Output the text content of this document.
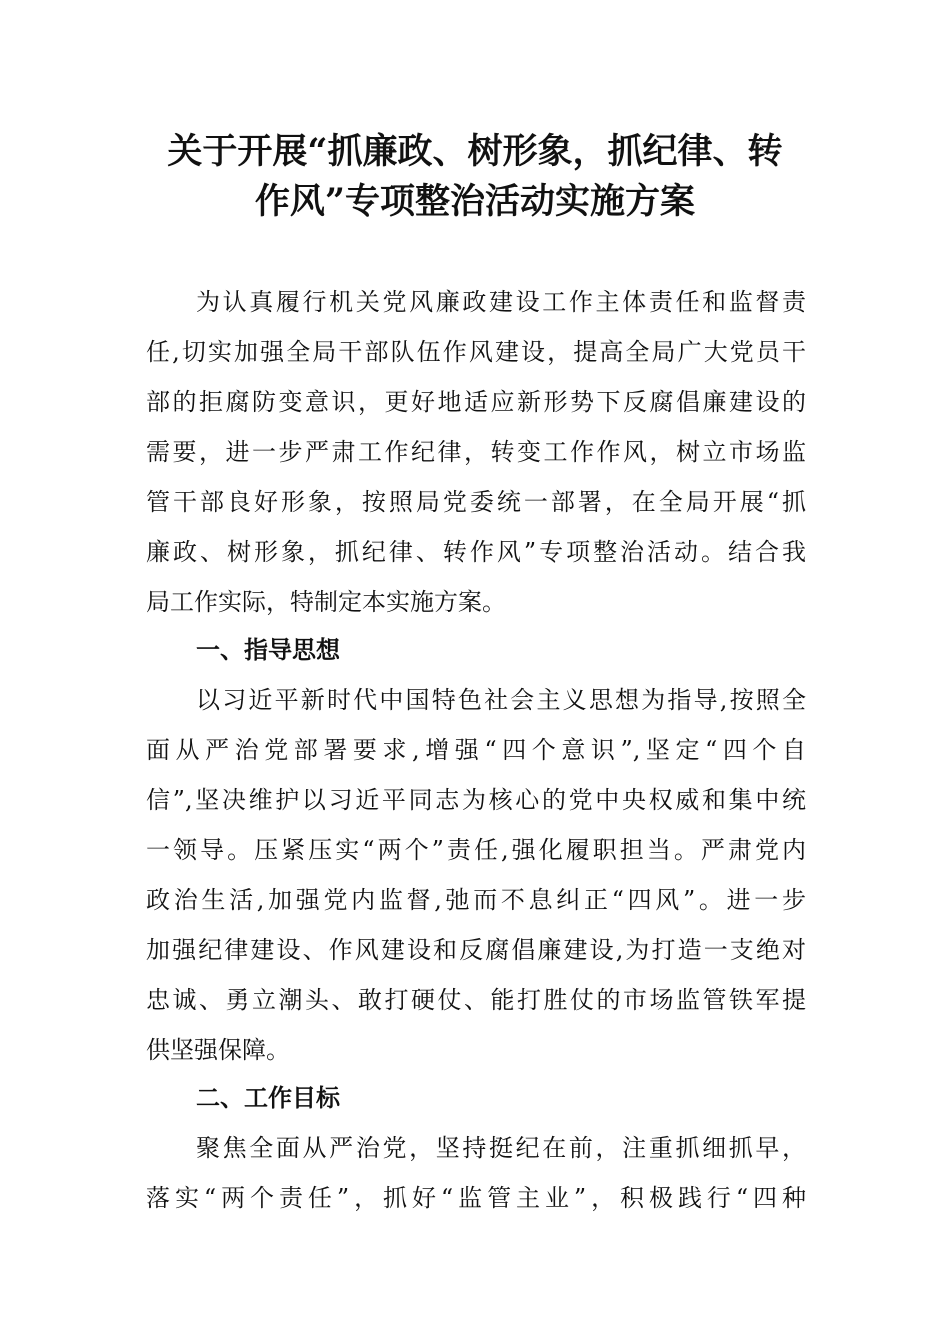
关于开展“抓廉政、树形象，抓纪律、转
作风”专项整治活动实施方案
为认真履行机关党风廉政建设工作主体责任和监督责
任,切实加强全局干部队伍作风建设，提高全局广大党员干
部的拒腐防变意识，更好地适应新形势下反腐倡廉建设的
需要，进一步严肃工作纪律，转变工作作风，树立市场监
管干部良好形象，按照局党委统一部署，在全局开展“抓
廉政、树形象，抓纪律、转作风”专项整治活动。结合我
局工作实际，特制定本实施方案。
一、指导思想
以习近平新时代中国特色社会主义思想为指导,按照全
面从严治党部署要求,增强“四个意识”,坚定“四个自
信”,坚决维护以习近平同志为核心的党中央权威和集中统
一领导。压紧压实“两个”责任,强化履职担当。严肃党内
政治生活,加强党内监督,弛而不息纠正“四风”。进一步
加强纪律建设、作风建设和反腐倡廉建设,为打造一支绝对
忠诚、勇立潮头、敢打硬仗、能打胜仗的市场监管铁军提
供坚强保障。
二、工作目标
聚焦全面从严治党，坚持挺纪在前，注重抓细抓早，
落实“两个责任”，抓好“监管主业”，积极践行“四种
